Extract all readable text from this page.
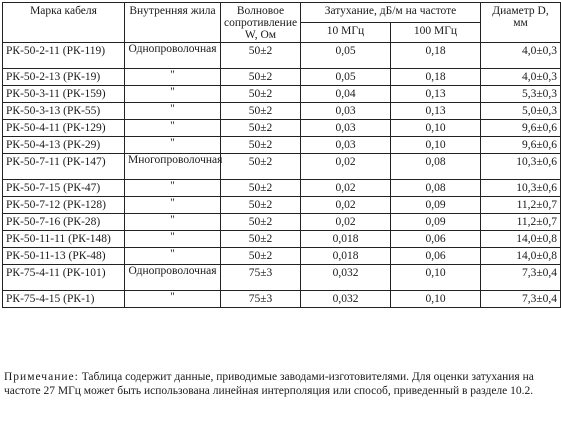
Марка кабеля	Внутренняя жила	Волновое сопротивление W, Ом	Затухание, дБ/м на частоте		Диаметр D, мм
			10 МГц	100 МГц	
РК-50-2-11 (РК-119)	Однопроволочная	50±2	0,05	0,18	4,0±0,3
РК-50-2-13 (РК-19)	"	50±2	0,05	0,18	4,0±0,3
РК-50-3-11 (РК-159)	"	50±2	0,04	0,13	5,3±0,3
РК-50-3-13 (РК-55)	"	50±2	0,03	0,13	5,0±0,3
РК-50-4-11 (РК-129)	"	50±2	0,03	0,10	9,6±0,6
РК-50-4-13 (РК-29)	"	50±2	0,03	0,10	9,6±0,6
РК-50-7-11 (РК-147)	Многопроволочная	50±2	0,02	0,08	10,3±0,6
РК-50-7-15 (РК-47)	"	50±2	0,02	0,08	10,3±0,6
РК-50-7-12 (РК-128)	"	50±2	0,02	0,09	11,2±0,7
РК-50-7-16 (РК-28)	"	50±2	0,02	0,09	11,2±0,7
РК-50-11-11 (РК-148)	"	50±2	0,018	0,06	14,0±0,8
РК-50-11-13 (РК-48)	"	50±2	0,018	0,06	14,0±0,8
РК-75-4-11 (РК-101)	Однопроволочная	75±3	0,032	0,10	7,3±0,4
РК-75-4-15 (РК-1)	"	75±3	0,032	0,10	7,3±0,4
Примечание: Таблица содержит данные, приводимые заводами-изготовителями. Для оценки затухания на частоте 27 МГц может быть использована линейная интерполяция или способ, приведенный в разделе 10.2.
